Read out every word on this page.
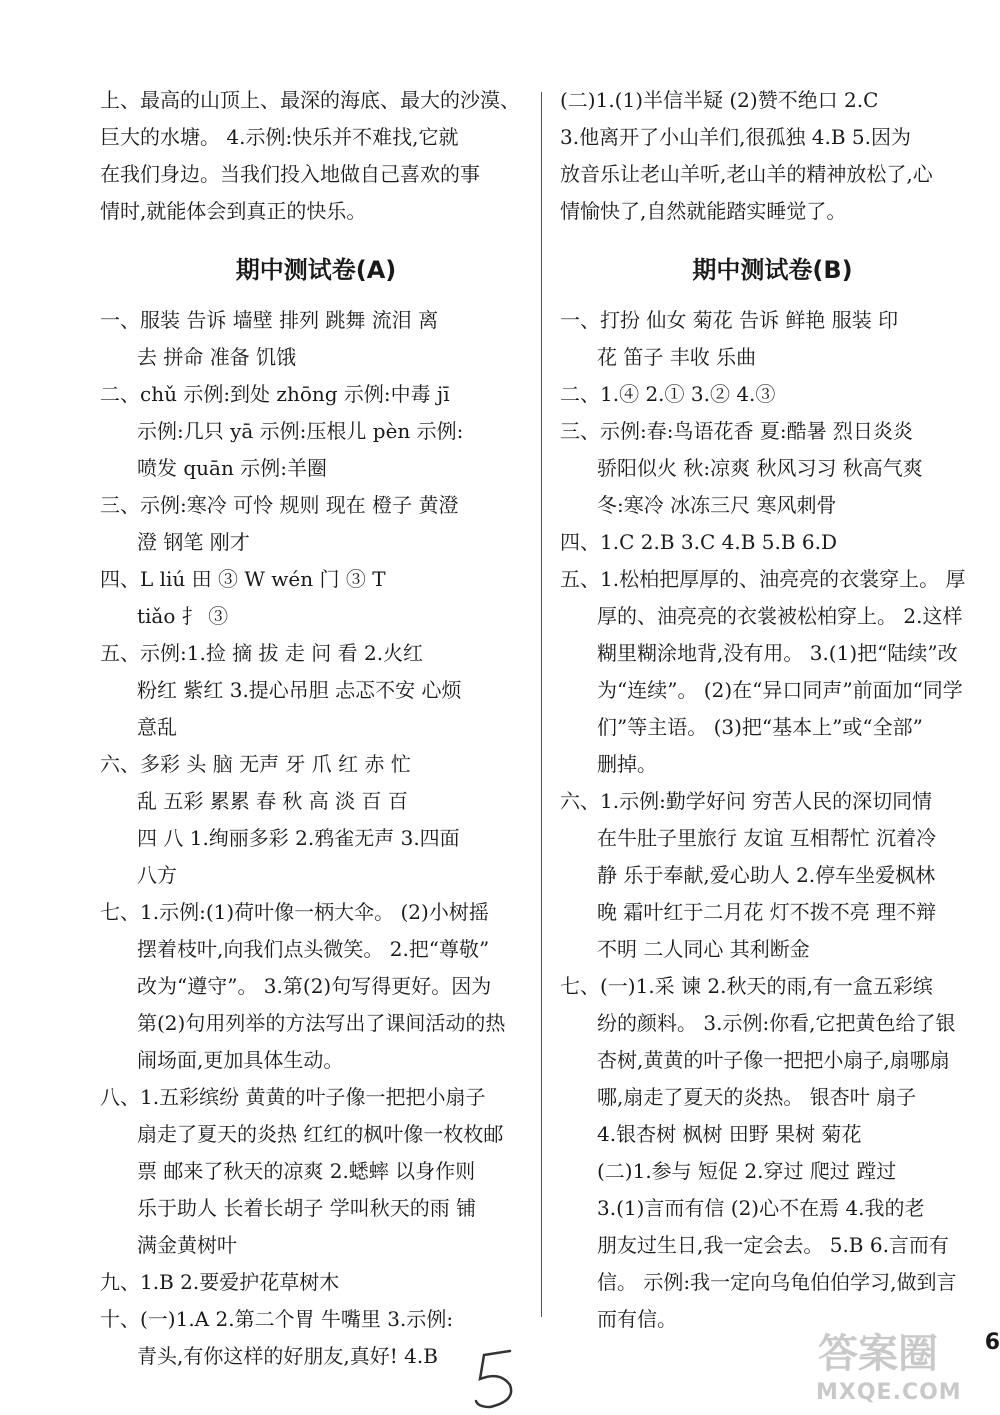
上、最高的山顶上、最深的海底、最大的沙漠、
巨大的水塘。 4.示例:快乐并不难找,它就
在我们身边。当我们投入地做自己喜欢的事
情时,就能体会到真正的快乐。
期中测试卷(A)
一、服装 告诉 墙壁 排列 跳舞 流泪 离
去 拼命 准备 饥饿
二、chǔ 示例:到处 zhōng 示例:中毒 jī
示例:几只 yā 示例:压根儿 pèn 示例:
喷发 quān 示例:羊圈
三、示例:寒冷 可怜 规则 现在 橙子 黄澄
澄 钢笔 刚才
四、L liú 田 ③ W wén 门 ③ T
tiǎo 扌 ③
五、示例:1.捡 摘 拔 走 问 看 2.火红
粉红 紫红 3.提心吊胆 忐忑不安 心烦
意乱
六、多彩 头 脑 无声 牙 爪 红 赤 忙
乱 五彩 累累 春 秋 高 淡 百 百
四 八 1.绚丽多彩 2.鸦雀无声 3.四面
八方
七、1.示例:(1)荷叶像一柄大伞。 (2)小树摇
摆着枝叶,向我们点头微笑。 2.把“尊敬”
改为“遵守”。 3.第(2)句写得更好。因为
第(2)句用列举的方法写出了课间活动的热
闹场面,更加具体生动。
八、1.五彩缤纷 黄黄的叶子像一把把小扇子
扇走了夏天的炎热 红红的枫叶像一枚枚邮
票 邮来了秋天的凉爽 2.蟋蟀 以身作则
乐于助人 长着长胡子 学叫秋天的雨 铺
满金黄树叶
九、1.B 2.要爱护花草树木
十、(一)1.A 2.第二个胃 牛嘴里 3.示例:
青头,有你这样的好朋友,真好! 4.B
(二)1.(1)半信半疑 (2)赞不绝口 2.C
3.他离开了小山羊们,很孤独 4.B 5.因为
放音乐让老山羊听,老山羊的精神放松了,心
情愉快了,自然就能踏实睡觉了。
期中测试卷(B)
一、打扮 仙女 菊花 告诉 鲜艳 服装 印
花 笛子 丰收 乐曲
二、1.④ 2.① 3.② 4.③
三、示例:春:鸟语花香 夏:酷暑 烈日炎炎
骄阳似火 秋:凉爽 秋风习习 秋高气爽
冬:寒冷 冰冻三尺 寒风刺骨
四、1.C 2.B 3.C 4.B 5.B 6.D
五、1.松柏把厚厚的、油亮亮的衣裳穿上。 厚
厚的、油亮亮的衣裳被松柏穿上。 2.这样
糊里糊涂地背,没有用。 3.(1)把“陆续”改
为“连续”。 (2)在“异口同声”前面加“同学
们”等主语。 (3)把“基本上”或“全部”
删掉。
六、1.示例:勤学好问 穷苦人民的深切同情
在牛肚子里旅行 友谊 互相帮忙 沉着冷
静 乐于奉献,爱心助人 2.停车坐爱枫林
晚 霜叶红于二月花 灯不拨不亮 理不辩
不明 二人同心 其利断金
七、(一)1.采 谏 2.秋天的雨,有一盒五彩缤
纷的颜料。 3.示例:你看,它把黄色给了银
杏树,黄黄的叶子像一把把小扇子,扇哪扇
哪,扇走了夏天的炎热。 银杏叶 扇子
4.银杏树 枫树 田野 果树 菊花
(二)1.参与 短促 2.穿过 爬过 蹚过
3.(1)言而有信 (2)心不在焉 4.我的老
朋友过生日,我一定会去。 5.B 6.言而有
信。 示例:我一定向乌龟伯伯学习,做到言
而有信。
6
答案圈
MXQE.COM
